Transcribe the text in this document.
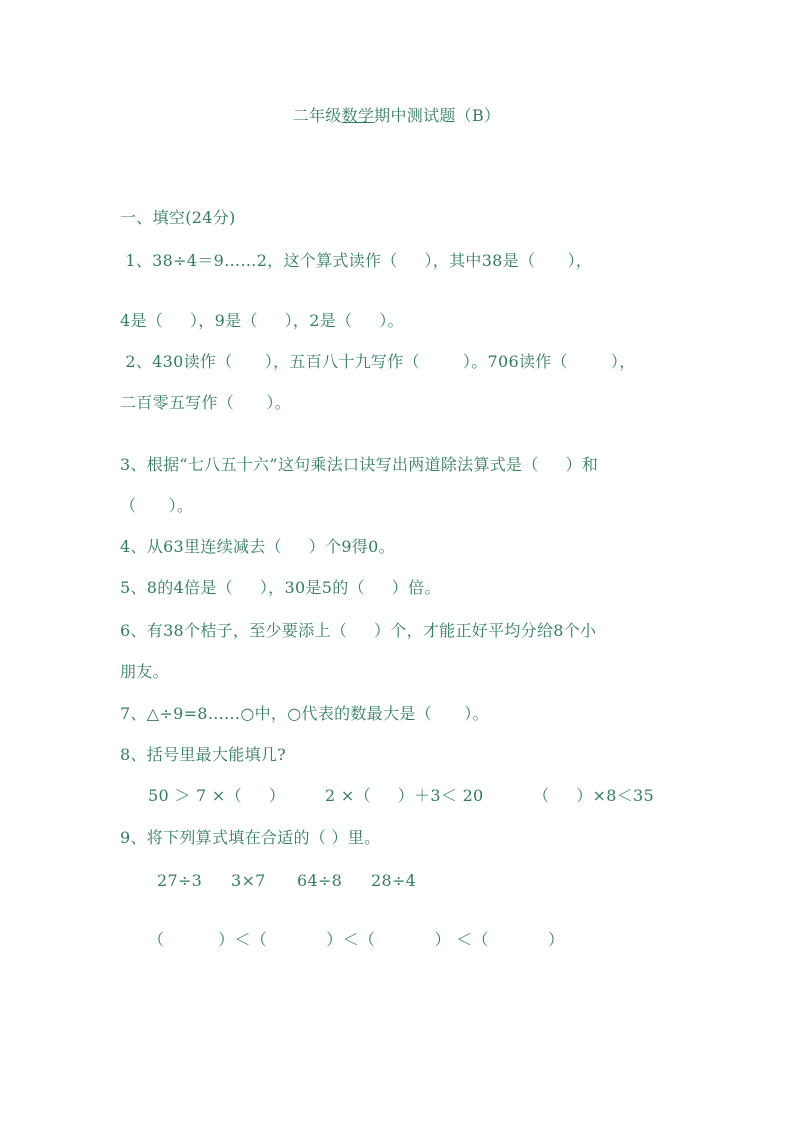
二年级数学期中测试题（B）
一、填空(24分)
1、38÷4＝9……2，这个算式读作（     ），其中38是（      ），
4是（     ），9是（     ），2是（     ）。
2、430读作（      ），五百八十九写作（        ）。706读作（        ），
二百零五写作（      ）。
3、根据“七八五十六”这句乘法口诀写出两道除法算式是（     ）和
（      ）。
4、从63里连续减去（     ）个9得0。
5、8的4倍是（     ），30是5的（     ）倍。
6、有38个桔子，至少要添上（     ）个，才能正好平均分给8个小
朋友。
7、△÷9=8……○中，○代表的数最大是（      ）。
8、括号里最大能填几?
50 ＞ 7 ×（     ） 2 ×（     ）＋3＜ 20	（     ）×8＜35
9、将下列算式填在合适的（ ）里。
27÷3 3×7 64÷8 28÷4
（          ）＜（           ）＜（           ） ＜（           ）
